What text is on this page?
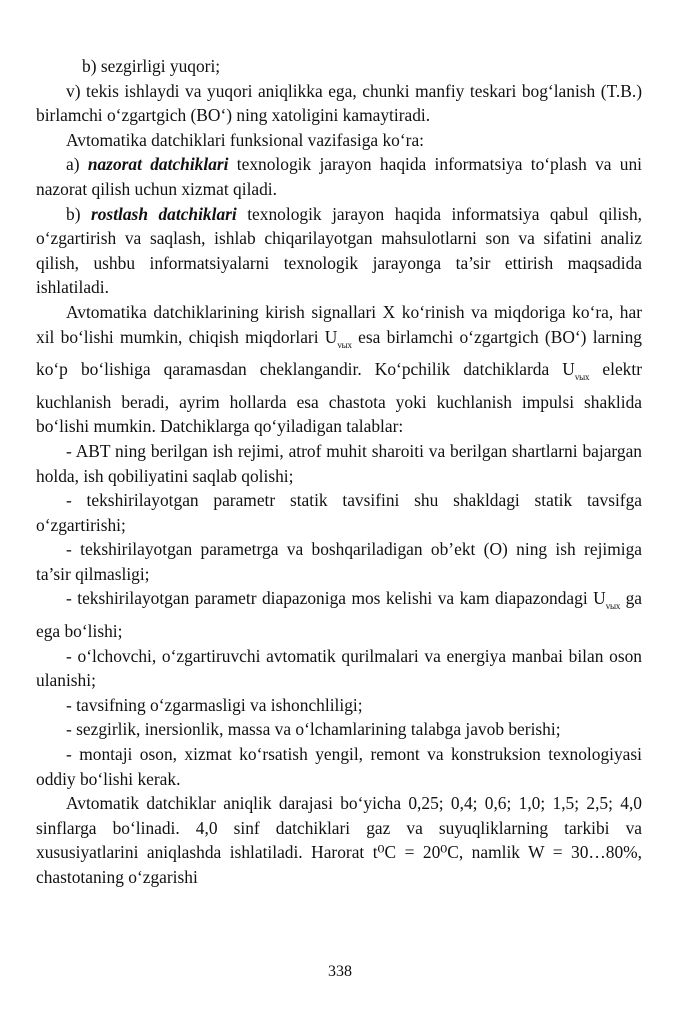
b) sezgirligi yuqori;

v) tekis ishlaydi va yuqori aniqlikka ega, chunki manfiy teskari bog‘lanish (T.B.) birlamchi o‘zgartgich (BO‘) ning xatoligini kamaytiradi.

Avtomatika datchiklari funksional vazifasiga ko‘ra:

a) nazorat datchiklari texnologik jarayon haqida informatsiya to‘plash va uni nazorat qilish uchun xizmat qiladi.

b) rostlash datchiklari texnologik jarayon haqida informatsiya qabul qilish, o‘zgartirish va saqlash, ishlab chiqarilayotgan mahsulotlarni son va sifatini analiz qilish, ushbu informatsiyalarni texnologik jarayonga ta’sir ettirish maqsadida ishlatiladi.

Avtomatika datchiklarining kirish signallari X ko‘rinish va miqdoriga ko‘ra, har xil bo‘lishi mumkin, chiqish miqdorlari $U_{vыx}$ esa birlamchi o‘zgartgich (BO‘) larning ko‘p bo‘lishiga qaramasdan cheklangandir. Ko‘pchilik datchiklarda $U_{vыx}$ elektr kuchlanish beradi, ayrim hollarda esa chastota yoki kuchlanish impulsi shaklida bo‘lishi mumkin. Datchiklarga qo‘yiladigan talablar:

- ABT ning berilgan ish rejimi, atrof muhit sharoiti va berilgan shartlarni bajargan holda, ish qobiliyatini saqlab qolishi;

- tekshirilayotgan parametr statik tavsifini shu shakldagi statik tavsifga o‘zgartirishi;

- tekshirilayotgan parametrga va boshqariladigan ob’ekt (O) ning ish rejimiga ta’sir qilmasligi;

- tekshirilayotgan parametr diapazoniga mos kelishi va kam diapazondagi $U_{vыx}$ ga ega bo‘lishi;

- o‘lchovchi, o‘zgartiruvchi avtomatik qurilmalari va energiya manbai bilan oson ulanishi;

- tavsifning o‘zgarmasligi va ishonchliligi;

- sezgirlik, inersionlik, massa va o‘lchamlarining talabga javob berishi;

- montaji oson, xizmat ko‘rsatish yengil, remont va konstruksion texnologiyasi oddiy bo‘lishi kerak.

Avtomatik datchiklar aniqlik darajasi bo‘yicha 0,25; 0,4; 0,6; 1,0; 1,5; 2,5; 4,0 sinflarga bo‘linadi. 4,0 sinf datchiklari gaz va suyuqliklarning tarkibi va xususiyatlarini aniqlashda ishlatiladi. Harorat t⁰C = 20⁰C, namlik W = 30…80%, chastotaning o‘zgarishi

338
